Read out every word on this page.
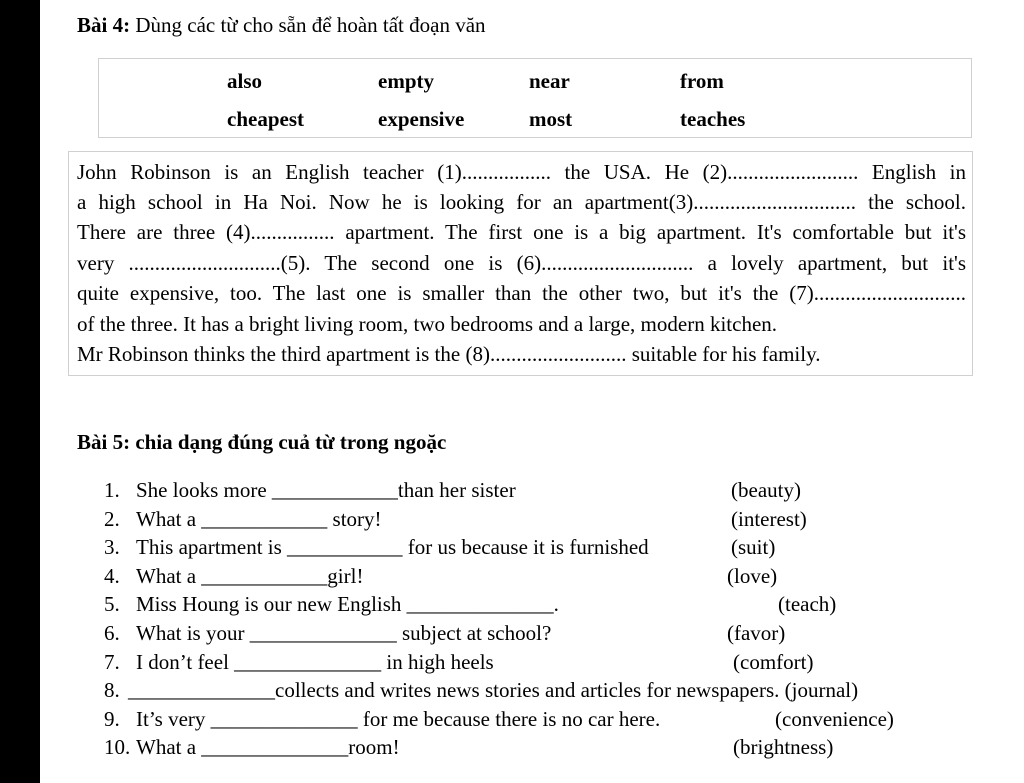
Bài 4: Dùng các từ cho sẵn để hoàn tất đoạn văn
also	empty	near	from
cheapest	expensive	most	teaches
John Robinson is an English teacher (1)................. the USA. He (2)......................... English in
a high school in Ha Noi. Now he is looking for an apartment(3)............................... the school.
There are three (4)................ apartment. The first one is a big apartment. It's comfortable but it's
very .............................(5). The second one is (6)............................. a lovely apartment, but it's
quite expensive, too. The last one is smaller than the other two, but it's the (7).............................
of the three. It has a bright living room, two bedrooms and a large, modern kitchen.
Mr Robinson thinks the third apartment is the (8).......................... suitable for his family.
Bài 5: chia dạng đúng cuả từ trong ngoặc
1. She looks more ____________than her sister	(beauty)
2. What a ____________ story!	(interest)
3. This apartment is ___________ for us because it is furnished	(suit)
4. What a ____________girl!	(love)
5. Miss Houng is our new English ______________.	(teach)
6. What is your ______________ subject at school?	(favor)
7. I don’t feel ______________ in high heels	(comfort)
8. ______________collects and writes news stories and articles for newspapers. (journal)
9. It’s very ______________ for me because there is no car here.	(convenience)
10. What a ______________room!	(brightness)
